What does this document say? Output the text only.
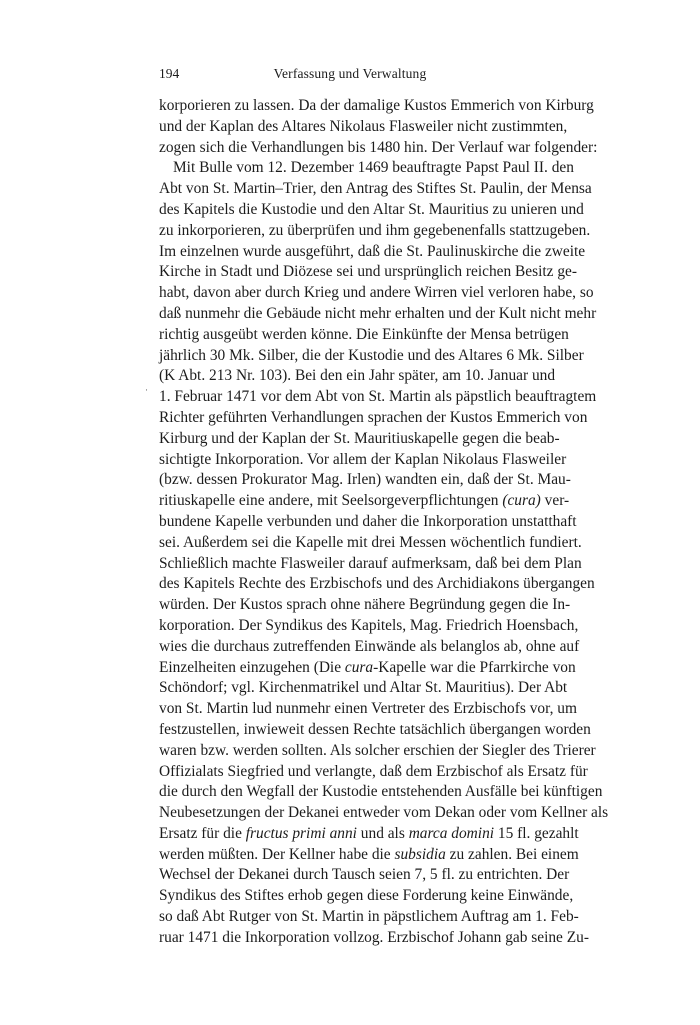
194	Verfassung und Verwaltung
·
korporieren zu lassen. Da der damalige Kustos Emmerich von Kirburg
und der Kaplan des Altares Nikolaus Flasweiler nicht zustimmten,
zogen sich die Verhandlungen bis 1480 hin. Der Verlauf war folgender:
Mit Bulle vom 12. Dezember 1469 beauftragte Papst Paul II. den
Abt von St. Martin–Trier, den Antrag des Stiftes St. Paulin, der Mensa
des Kapitels die Kustodie und den Altar St. Mauritius zu unieren und
zu inkorporieren, zu überprüfen und ihm gegebenenfalls stattzugeben.
Im einzelnen wurde ausgeführt, daß die St. Paulinuskirche die zweite
Kirche in Stadt und Diözese sei und ursprünglich reichen Besitz ge-
habt, davon aber durch Krieg und andere Wirren viel verloren habe, so
daß nunmehr die Gebäude nicht mehr erhalten und der Kult nicht mehr
richtig ausgeübt werden könne. Die Einkünfte der Mensa betrügen
jährlich 30 Mk. Silber, die der Kustodie und des Altares 6 Mk. Silber
(K Abt. 213 Nr. 103). Bei den ein Jahr später, am 10. Januar und
1. Februar 1471 vor dem Abt von St. Martin als päpstlich beauftragtem
Richter geführten Verhandlungen sprachen der Kustos Emmerich von
Kirburg und der Kaplan der St. Mauritiuskapelle gegen die beab-
sichtigte Inkorporation. Vor allem der Kaplan Nikolaus Flasweiler
(bzw. dessen Prokurator Mag. Irlen) wandten ein, daß der St. Mau-
ritiuskapelle eine andere, mit Seelsorgeverpflichtungen (cura) ver-
bundene Kapelle verbunden und daher die Inkorporation unstatthaft
sei. Außerdem sei die Kapelle mit drei Messen wöchentlich fundiert.
Schließlich machte Flasweiler darauf aufmerksam, daß bei dem Plan
des Kapitels Rechte des Erzbischofs und des Archidiakons übergangen
würden. Der Kustos sprach ohne nähere Begründung gegen die In-
korporation. Der Syndikus des Kapitels, Mag. Friedrich Hoensbach,
wies die durchaus zutreffenden Einwände als belanglos ab, ohne auf
Einzelheiten einzugehen (Die cura-Kapelle war die Pfarrkirche von
Schöndorf; vgl. Kirchenmatrikel und Altar St. Mauritius). Der Abt
von St. Martin lud nunmehr einen Vertreter des Erzbischofs vor, um
festzustellen, inwieweit dessen Rechte tatsächlich übergangen worden
waren bzw. werden sollten. Als solcher erschien der Siegler des Trierer
Offizialats Siegfried und verlangte, daß dem Erzbischof als Ersatz für
die durch den Wegfall der Kustodie entstehenden Ausfälle bei künftigen
Neubesetzungen der Dekanei entweder vom Dekan oder vom Kellner als
Ersatz für die fructus primi anni und als marca domini 15 fl. gezahlt
werden müßten. Der Kellner habe die subsidia zu zahlen. Bei einem
Wechsel der Dekanei durch Tausch seien 7, 5 fl. zu entrichten. Der
Syndikus des Stiftes erhob gegen diese Forderung keine Einwände,
so daß Abt Rutger von St. Martin in päpstlichem Auftrag am 1. Feb-
ruar 1471 die Inkorporation vollzog. Erzbischof Johann gab seine Zu-
